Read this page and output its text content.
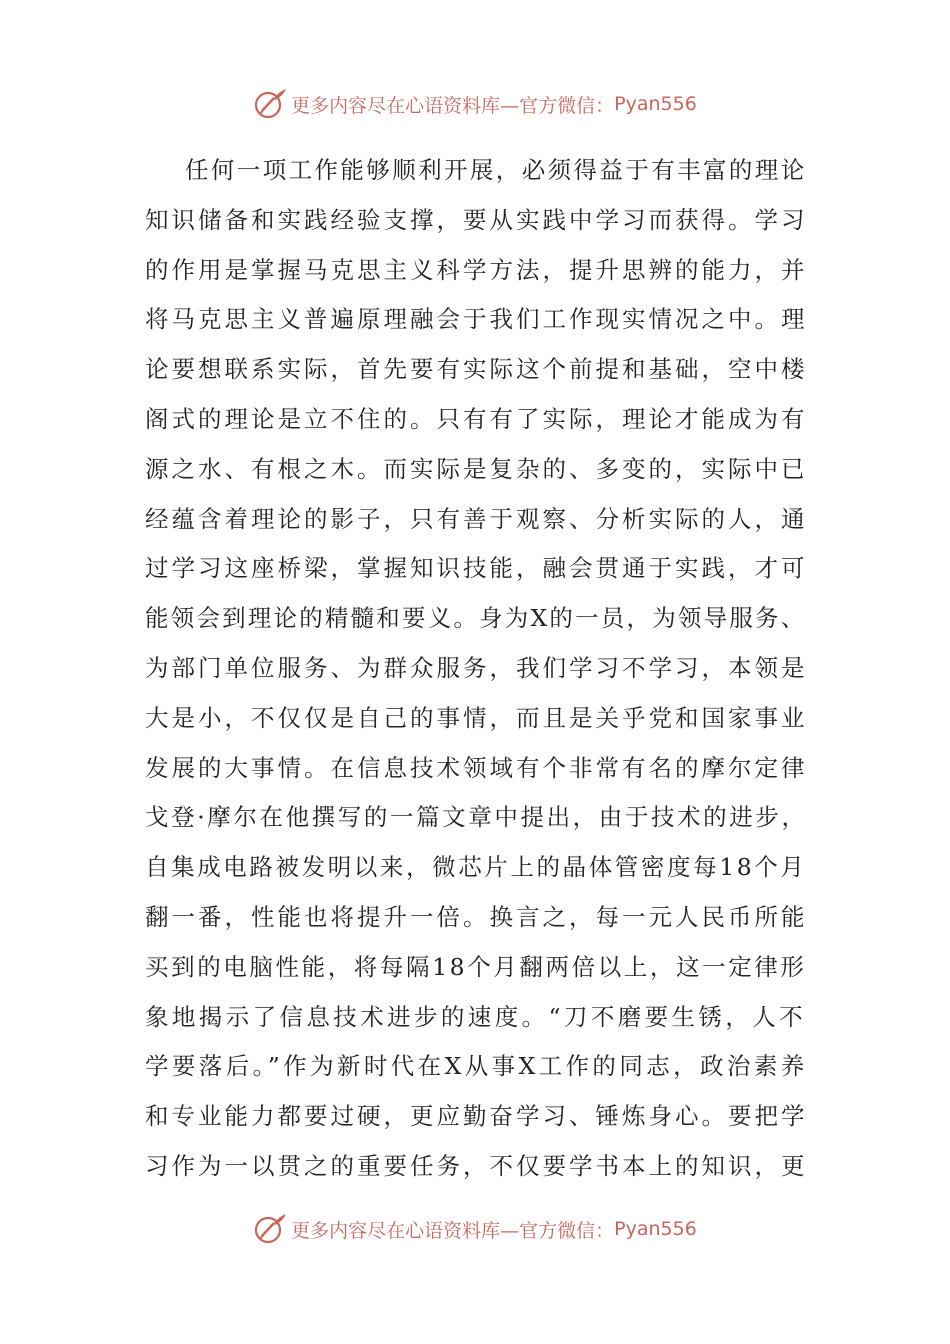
更多内容尽在心语资料库—官方微信： Pyan556
任何一项工作能够顺利开展，必须得益于有丰富的理论
知识储备和实践经验支撑，要从实践中学习而获得。学习
的作用是掌握马克思主义科学方法，提升思辨的能力，并
将马克思主义普遍原理融会于我们工作现实情况之中。理
论要想联系实际，首先要有实际这个前提和基础，空中楼
阁式的理论是立不住的。只有有了实际，理论才能成为有
源之水、有根之木。而实际是复杂的、多变的，实际中已
经蕴含着理论的影子，只有善于观察、分析实际的人，通
过学习这座桥梁，掌握知识技能，融会贯通于实践，才可
能领会到理论的精髓和要义。身为X的一员，为领导服务、
为部门单位服务、为群众服务，我们学习不学习，本领是
大是小，不仅仅是自己的事情，而且是关乎党和国家事业
发展的大事情。在信息技术领域有个非常有名的摩尔定律
戈登·摩尔在他撰写的一篇文章中提出，由于技术的进步，
自集成电路被发明以来，微芯片上的晶体管密度每18个月
翻一番，性能也将提升一倍。换言之，每一元人民币所能
买到的电脑性能，将每隔18个月翻两倍以上，这一定律形
象地揭示了信息技术进步的速度。“刀不磨要生锈，人不
学要落后。”作为新时代在X从事X工作的同志，政治素养
和专业能力都要过硬，更应勤奋学习、锤炼身心。要把学
习作为一以贯之的重要任务，不仅要学书本上的知识，更
更多内容尽在心语资料库—官方微信： Pyan556
